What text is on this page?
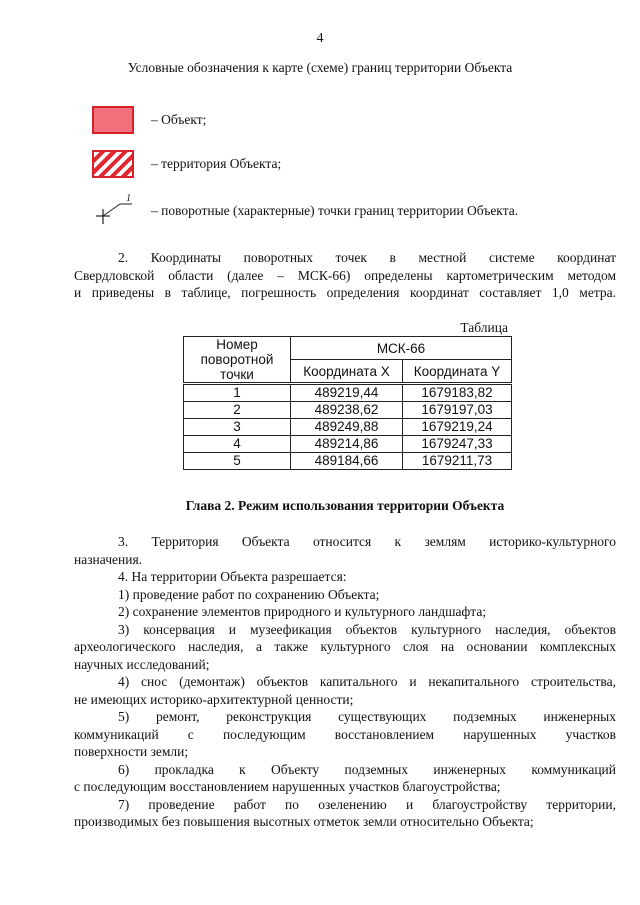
4
Условные обозначения к карте (схеме) границ территории Объекта
– Объект;
– территория Объекта;
1
– поворотные (характерные) точки границ территории Объекта.
2. Координаты поворотных точек в местной системе координат
Свердловской области (далее – МСК-66) определены картометрическим методом
и приведены в таблице, погрешность определения координат составляет 1,0 метра.
Таблица
Номер поворотной точки	МСК-66	
	Координата X	Координата Y
1	489219,44	1679183,82
2	489238,62	1679197,03
3	489249,88	1679219,24
4	489214,86	1679247,33
5	489184,66	1679211,73
Глава 2. Режим использования территории Объекта
3. Территория Объекта относится к землям историко-культурного
назначения.
4. На территории Объекта разрешается:
1) проведение работ по сохранению Объекта;
2) сохранение элементов природного и культурного ландшафта;
3) консервация и музеефикация объектов культурного наследия, объектов
археологического наследия, а также культурного слоя на основании комплексных
научных исследований;
4) снос (демонтаж) объектов капитального и некапитального строительства,
не имеющих историко-архитектурной ценности;
5) ремонт, реконструкция существующих подземных инженерных
коммуникаций с последующим восстановлением нарушенных участков
поверхности земли;
6) прокладка к Объекту подземных инженерных коммуникаций
с последующим восстановлением нарушенных участков благоустройства;
7) проведение работ по озеленению и благоустройству территории,
производимых без повышения высотных отметок земли относительно Объекта;
